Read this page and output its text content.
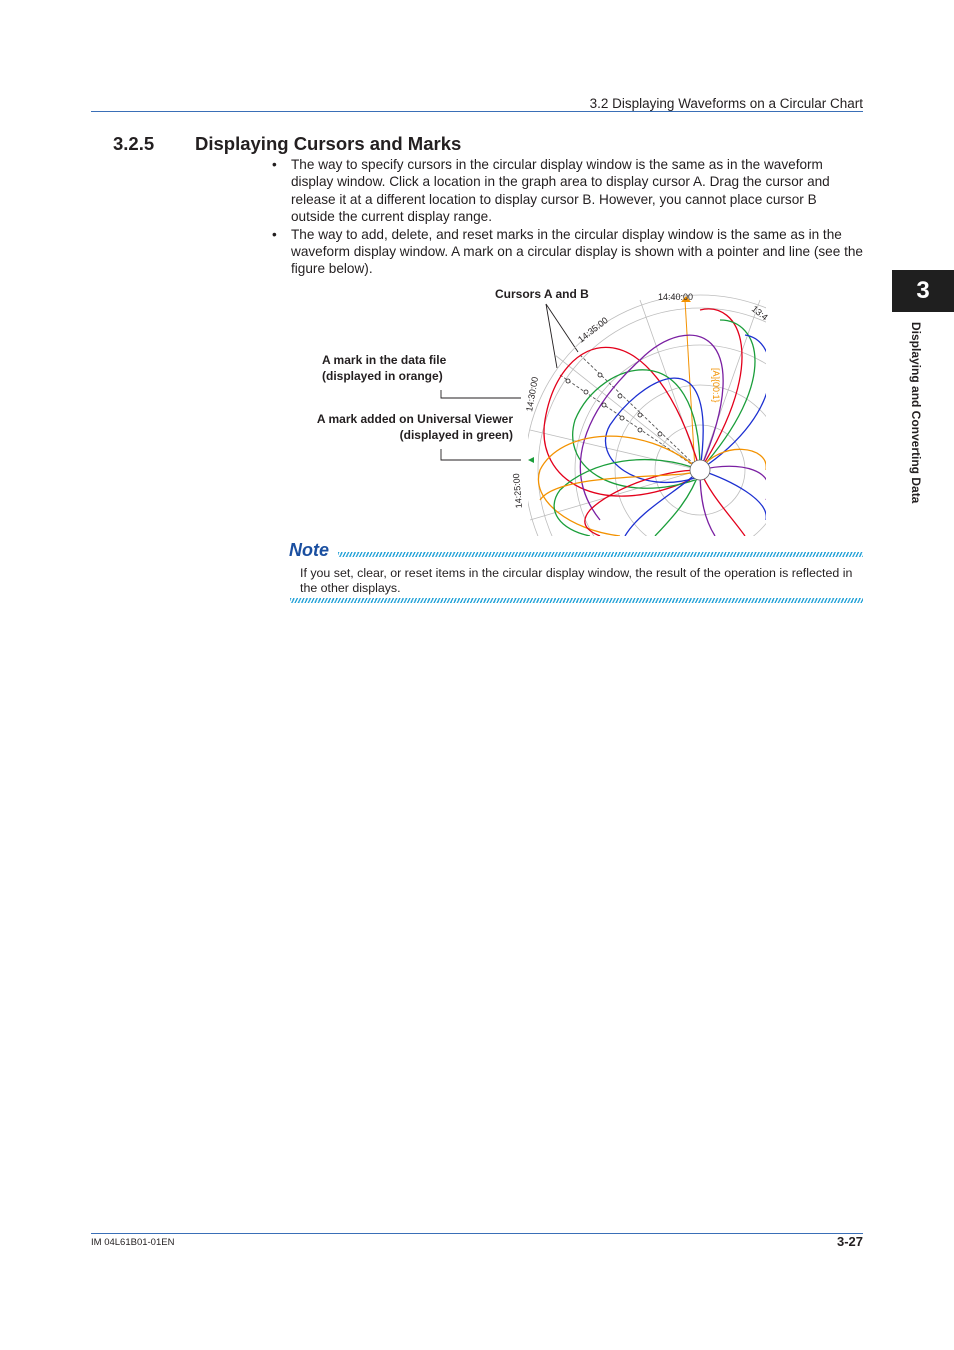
3.2 Displaying Waveforms on a Circular Chart
3.2.5 Displaying Cursors and Marks
• The way to specify cursors in the circular display window is the same as in the waveform display window. Click a location in the graph area to display cursor A. Drag the cursor and release it at a different location to display cursor B. However, you cannot place cursor B outside the current display range.
• The way to add, delete, and reset marks in the circular display window is the same as in the waveform display window. A mark on a circular display is shown with a pointer and line (see the figure below).
3
Displaying and Converting Data
Cursors A and B
A mark in the data file
(displayed in orange)
A mark added on Universal Viewer
(displayed in green)
14:40:00
14:35:00
14:30:00
14:25:00
13:4
[A]{00:1}
Note
If you set, clear, or reset items in the circular display window, the result of the operation is reflected in the other displays.
IM 04L61B01-01EN	3-27
